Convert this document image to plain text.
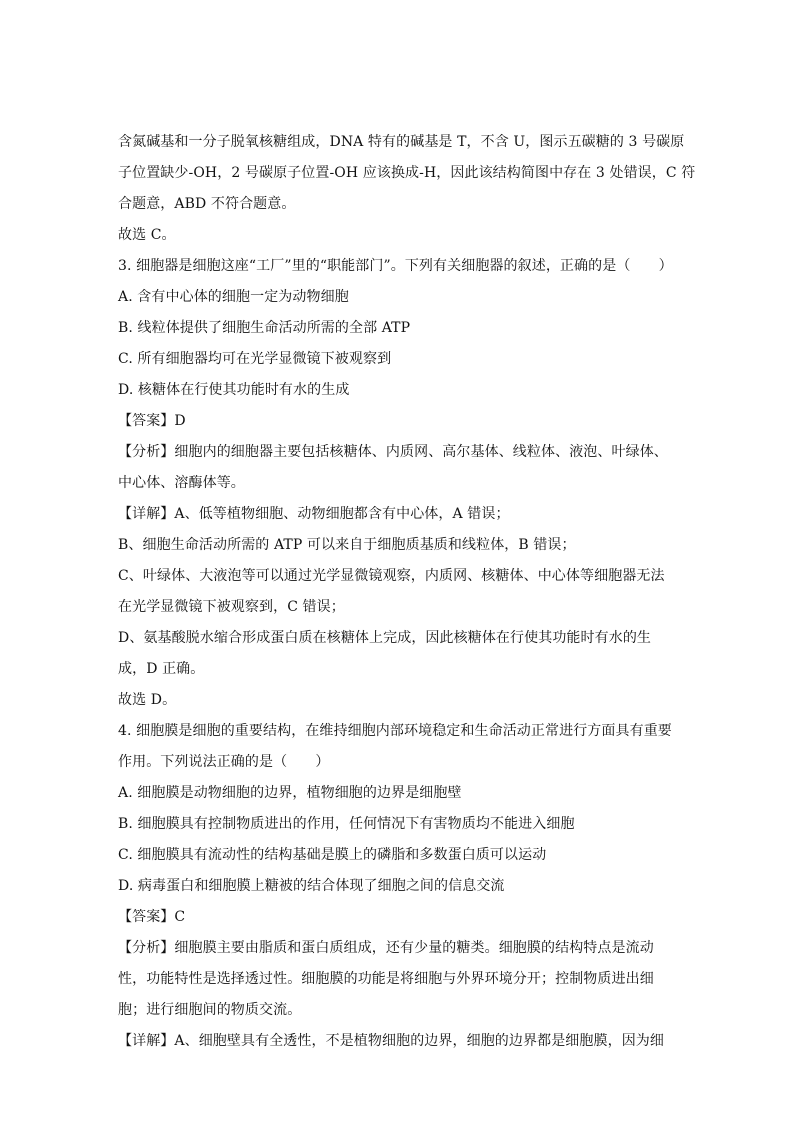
含氮碱基和一分子脱氧核糖组成，DNA 特有的碱基是 T，不含 U，图示五碳糖的 3 号碳原
子位置缺少-OH，2 号碳原子位置-OH 应该换成-H，因此该结构简图中存在 3 处错误，C 符
合题意，ABD 不符合题意。
故选 C。
3. 细胞器是细胞这座“工厂”里的“职能部门”。下列有关细胞器的叙述，正确的是（　　）
A. 含有中心体的细胞一定为动物细胞
B. 线粒体提供了细胞生命活动所需的全部 ATP
C. 所有细胞器均可在光学显微镜下被观察到
D. 核糖体在行使其功能时有水的生成
【答案】D
【分析】细胞内的细胞器主要包括核糖体、内质网、高尔基体、线粒体、液泡、叶绿体、
中心体、溶酶体等。
【详解】A、低等植物细胞、动物细胞都含有中心体，A 错误；
B、细胞生命活动所需的 ATP 可以来自于细胞质基质和线粒体，B 错误；
C、叶绿体、大液泡等可以通过光学显微镜观察，内质网、核糖体、中心体等细胞器无法
在光学显微镜下被观察到，C 错误；
D、氨基酸脱水缩合形成蛋白质在核糖体上完成，因此核糖体在行使其功能时有水的生
成，D 正确。
故选 D。
4. 细胞膜是细胞的重要结构，在维持细胞内部环境稳定和生命活动正常进行方面具有重要
作用。下列说法正确的是（　　）
A. 细胞膜是动物细胞的边界，植物细胞的边界是细胞壁
B. 细胞膜具有控制物质进出的作用，任何情况下有害物质均不能进入细胞
C. 细胞膜具有流动性的结构基础是膜上的磷脂和多数蛋白质可以运动
D. 病毒蛋白和细胞膜上糖被的结合体现了细胞之间的信息交流
【答案】C
【分析】细胞膜主要由脂质和蛋白质组成，还有少量的糖类。细胞膜的结构特点是流动
性，功能特性是选择透过性。细胞膜的功能是将细胞与外界环境分开；控制物质进出细
胞；进行细胞间的物质交流。
【详解】A、细胞壁具有全透性，不是植物细胞的边界，细胞的边界都是细胞膜，因为细
